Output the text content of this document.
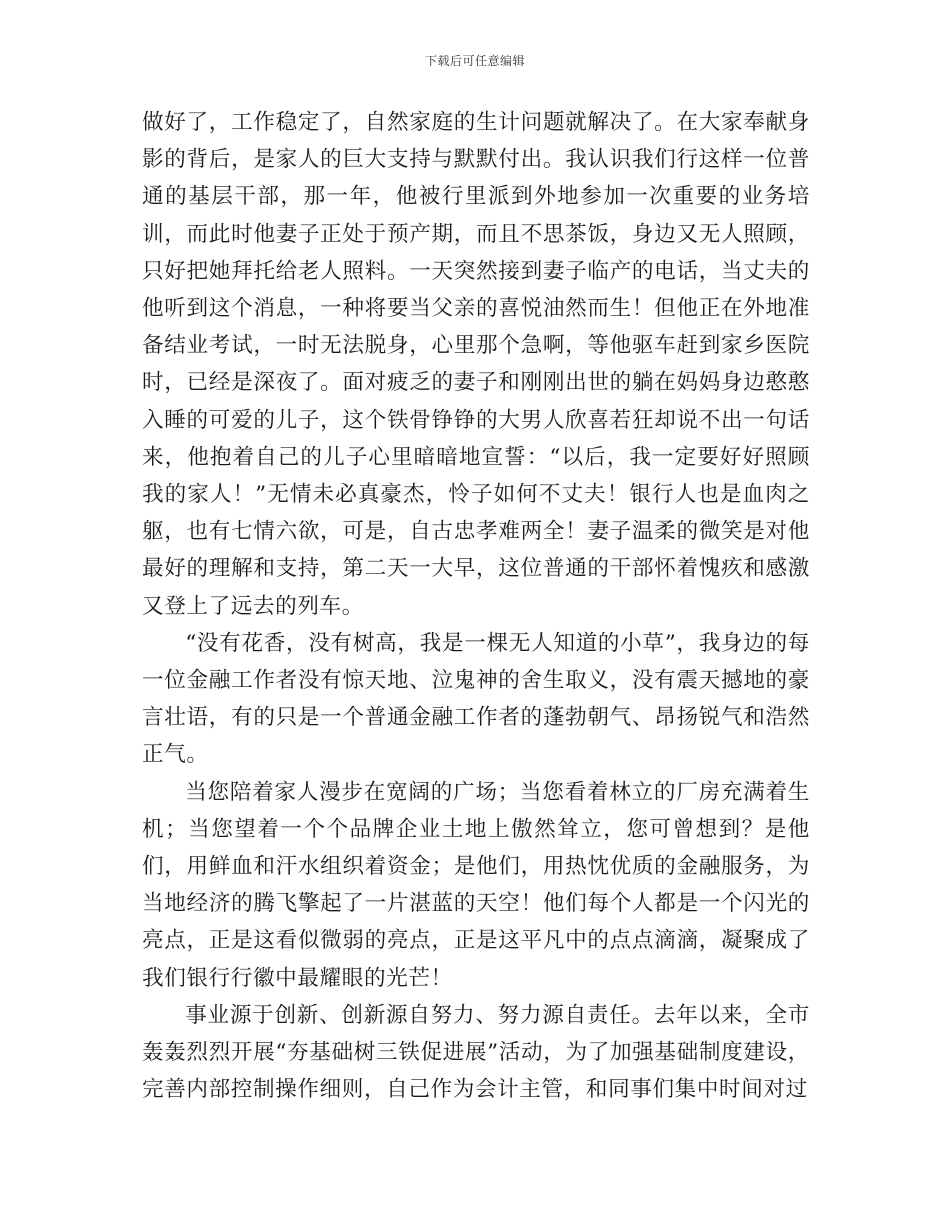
下载后可任意编辑

做好了，工作稳定了，自然家庭的生计问题就解决了。在大家奉献身影的背后，是家人的巨大支持与默默付出。我认识我们行这样一位普通的基层干部，那一年，他被行里派到外地参加一次重要的业务培训，而此时他妻子正处于预产期，而且不思茶饭，身边又无人照顾，只好把她拜托给老人照料。一天突然接到妻子临产的电话，当丈夫的他听到这个消息，一种将要当父亲的喜悦油然而生！但他正在外地准备结业考试，一时无法脱身，心里那个急啊，等他驱车赶到家乡医院时，已经是深夜了。面对疲乏的妻子和刚刚出世的躺在妈妈身边憨憨入睡的可爱的儿子，这个铁骨铮铮的大男人欣喜若狂却说不出一句话来，他抱着自己的儿子心里暗暗地宣誓：“以后，我一定要好好照顾我的家人！”无情未必真豪杰，怜子如何不丈夫！银行人也是血肉之躯，也有七情六欲，可是，自古忠孝难两全！妻子温柔的微笑是对他最好的理解和支持，第二天一大早，这位普通的干部怀着愧疚和感激又登上了远去的列车。

“没有花香，没有树高，我是一棵无人知道的小草”，我身边的每一位金融工作者没有惊天地、泣鬼神的舍生取义，没有震天撼地的豪言壮语，有的只是一个普通金融工作者的蓬勃朝气、昂扬锐气和浩然正气。

当您陪着家人漫步在宽阔的广场；当您看着林立的厂房充满着生机；当您望着一个个品牌企业土地上傲然耸立，您可曾想到？是他们，用鲜血和汗水组织着资金；是他们，用热忱优质的金融服务，为当地经济的腾飞擎起了一片湛蓝的天空！他们每个人都是一个闪光的亮点，正是这看似微弱的亮点，正是这平凡中的点点滴滴，凝聚成了我们银行行徽中最耀眼的光芒！

事业源于创新、创新源自努力、努力源自责任。去年以来，全市轰轰烈烈开展“夯基础树三铁促进展”活动，为了加强基础制度建设，完善内部控制操作细则，自己作为会计主管，和同事们集中时间对过
